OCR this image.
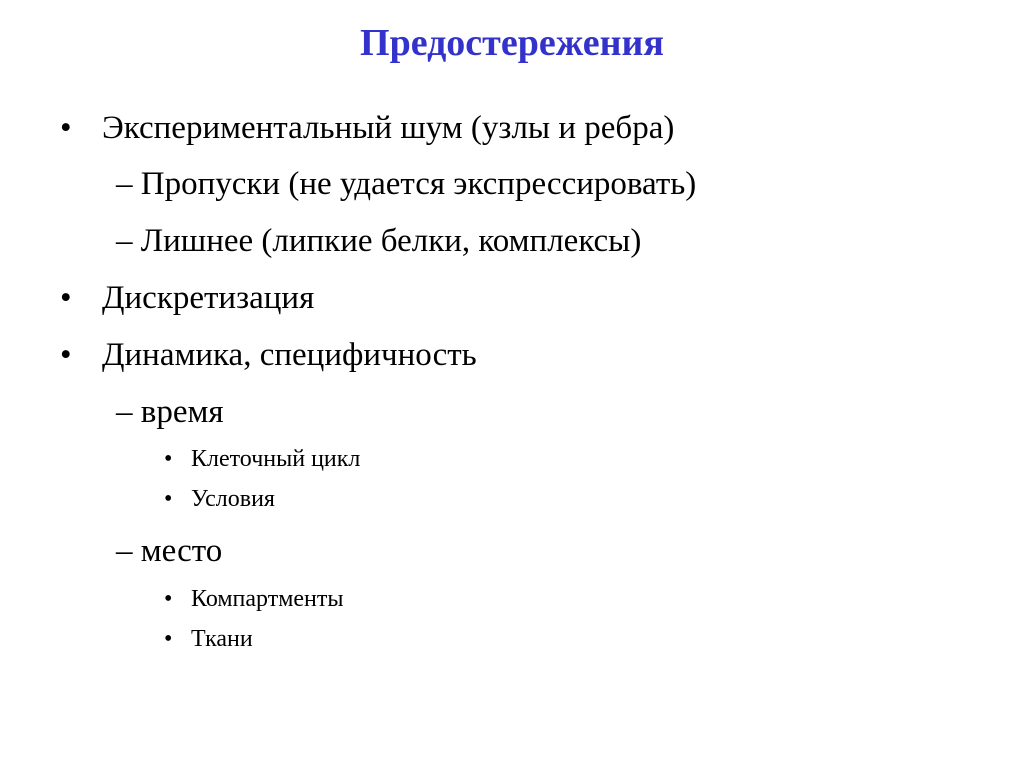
Предостережения
• Экспериментальный шум (узлы и ребра)
– Пропуски (не удается экспрессировать)
– Лишнее (липкие белки, комплексы)
• Дискретизация
• Динамика, специфичность
– время
• Клеточный цикл
• Условия
– место
• Компартменты
• Ткани
